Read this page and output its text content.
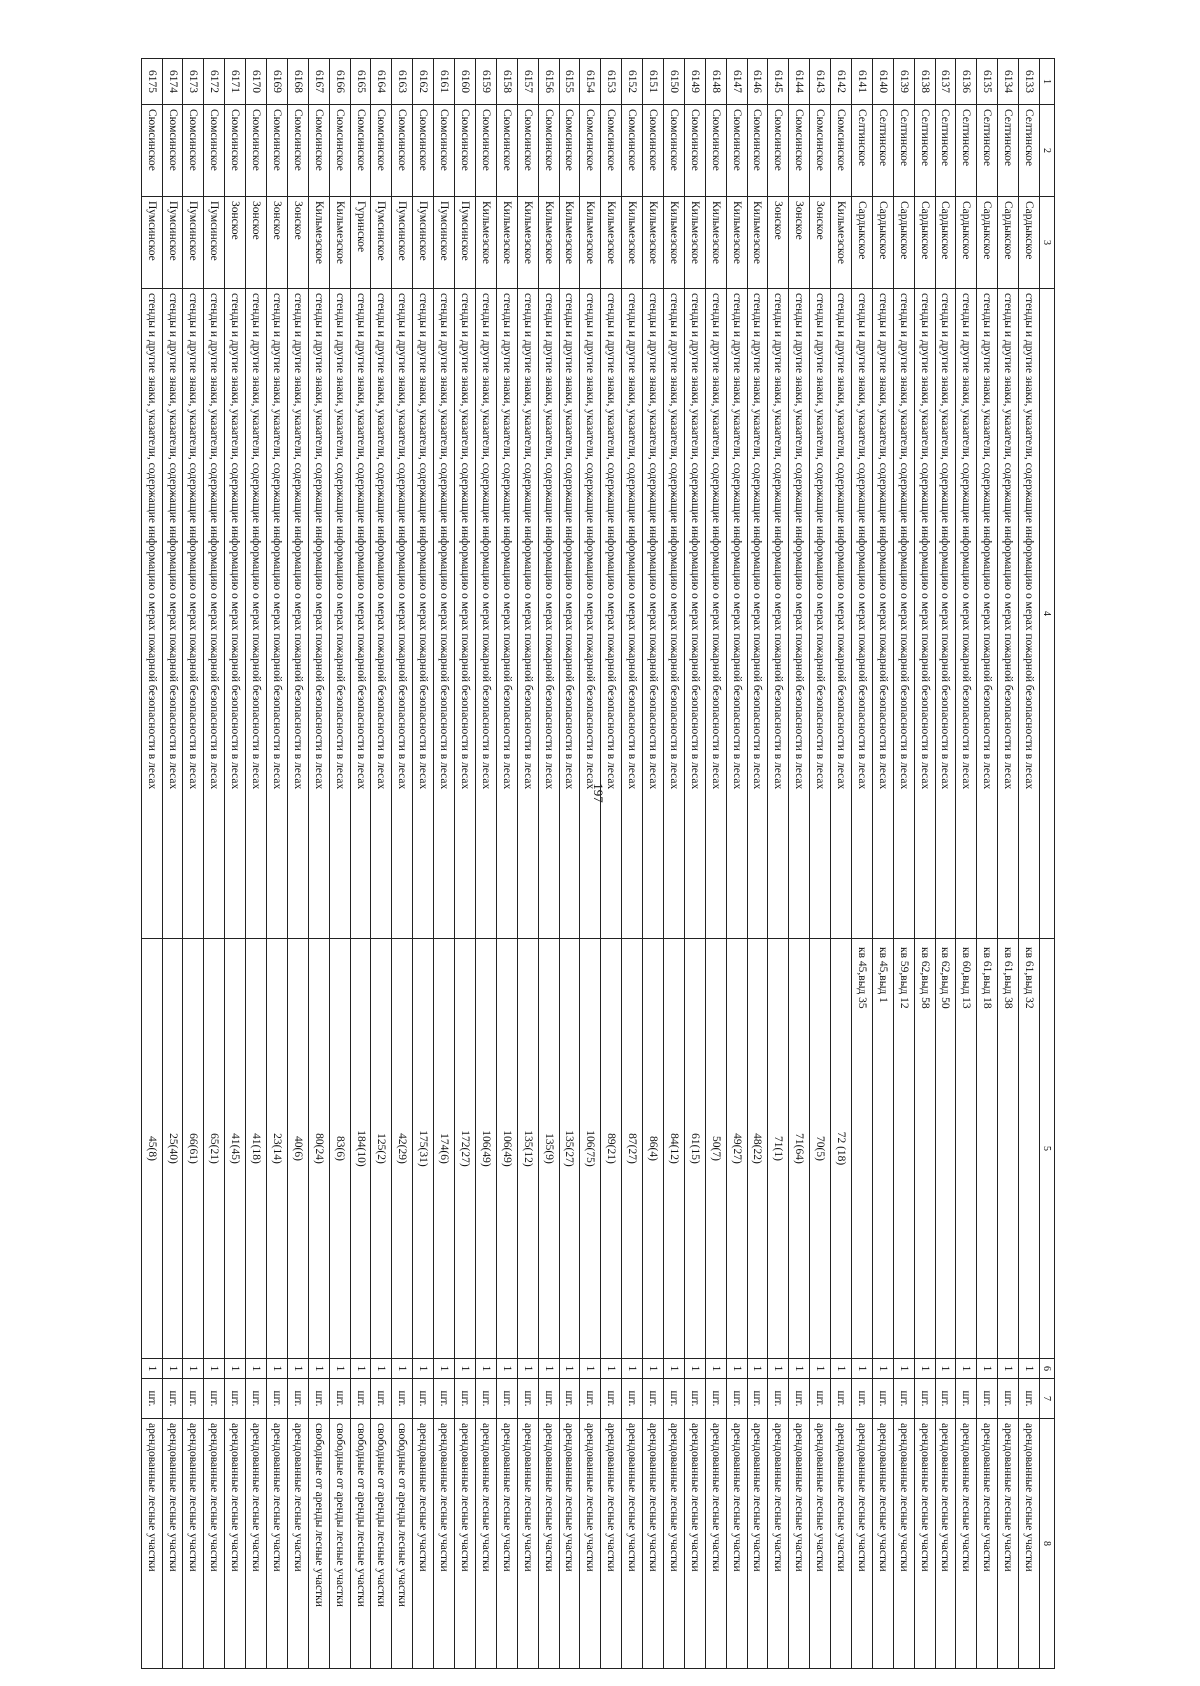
197
1	2	3	4	5	6	7	8
6133	Селтинское	Сардыкское	стенды и другие знаки, указатели, содержащие информацию о мерах пожарной безопасности в лесах	кв 61,выд 32	1	шт.	арендованные лесные участки
6134	Селтинское	Сардыкское	стенды и другие знаки, указатели, содержащие информацию о мерах пожарной безопасности в лесах	кв 61,выд 38	1	шт.	арендованные лесные участки
6135	Селтинское	Сардыкское	стенды и другие знаки, указатели, содержащие информацию о мерах пожарной безопасности в лесах	кв 61,выд 18	1	шт.	арендованные лесные участки
6136	Селтинское	Сардыкское	стенды и другие знаки, указатели, содержащие информацию о мерах пожарной безопасности в лесах	кв 60,выд 13	1	шт.	арендованные лесные участки
6137	Селтинское	Сардыкское	стенды и другие знаки, указатели, содержащие информацию о мерах пожарной безопасности в лесах	кв 62,выд 50	1	шт.	арендованные лесные участки
6138	Селтинское	Сардыкское	стенды и другие знаки, указатели, содержащие информацию о мерах пожарной безопасности в лесах	кв 62,выд 58	1	шт.	арендованные лесные участки
6139	Селтинское	Сардыкское	стенды и другие знаки, указатели, содержащие информацию о мерах пожарной безопасности в лесах	кв 59,выд 12	1	шт.	арендованные лесные участки
6140	Селтинское	Сардыкское	стенды и другие знаки, указатели, содержащие информацию о мерах пожарной безопасности в лесах	кв 45,выд 1	1	шт.	арендованные лесные участки
6141	Селтинское	Сардыкское	стенды и другие знаки, указатели, содержащие информацию о мерах пожарной безопасности в лесах	кв 45,выд 35	1	шт.	арендованные лесные участки
6142	Сюмсинское	Кильмезское	стенды и другие знаки, указатели, содержащие информацию о мерах пожарной безопасности в лесах	72 (18)	1	шт.	арендованные лесные участки
6143	Сюмсинское	Зонское	стенды и другие знаки, указатели, содержащие информацию о мерах пожарной безопасности в лесах	70(5)	1	шт.	арендованные лесные участки
6144	Сюмсинское	Зонское	стенды и другие знаки, указатели, содержащие информацию о мерах пожарной безопасности в лесах	71(64)	1	шт.	арендованные лесные участки
6145	Сюмсинское	Зонское	стенды и другие знаки, указатели, содержащие информацию о мерах пожарной безопасности в лесах	71(1)	1	шт.	арендованные лесные участки
6146	Сюмсинское	Кильмезское	стенды и другие знаки, указатели, содержащие информацию о мерах пожарной безопасности в лесах	48(22)	1	шт.	арендованные лесные участки
6147	Сюмсинское	Кильмезское	стенды и другие знаки, указатели, содержащие информацию о мерах пожарной безопасности в лесах	49(27)	1	шт.	арендованные лесные участки
6148	Сюмсинское	Кильмезское	стенды и другие знаки, указатели, содержащие информацию о мерах пожарной безопасности в лесах	50(7)	1	шт.	арендованные лесные участки
6149	Сюмсинское	Кильмезское	стенды и другие знаки, указатели, содержащие информацию о мерах пожарной безопасности в лесах	61(15)	1	шт.	арендованные лесные участки
6150	Сюмсинское	Кильмезское	стенды и другие знаки, указатели, содержащие информацию о мерах пожарной безопасности в лесах	84(12)	1	шт.	арендованные лесные участки
6151	Сюмсинское	Кильмезское	стенды и другие знаки, указатели, содержащие информацию о мерах пожарной безопасности в лесах	86(4)	1	шт.	арендованные лесные участки
6152	Сюмсинское	Кильмезское	стенды и другие знаки, указатели, содержащие информацию о мерах пожарной безопасности в лесах	87(27)	1	шт.	арендованные лесные участки
6153	Сюмсинское	Кильмезское	стенды и другие знаки, указатели, содержащие информацию о мерах пожарной безопасности в лесах	89(21)	1	шт.	арендованные лесные участки
6154	Сюмсинское	Кильмезское	стенды и другие знаки, указатели, содержащие информацию о мерах пожарной безопасности в лесах	106(75)	1	шт.	арендованные лесные участки
6155	Сюмсинское	Кильмезское	стенды и другие знаки, указатели, содержащие информацию о мерах пожарной безопасности в лесах	135(27)	1	шт.	арендованные лесные участки
6156	Сюмсинское	Кильмезское	стенды и другие знаки, указатели, содержащие информацию о мерах пожарной безопасности в лесах	135(9)	1	шт.	арендованные лесные участки
6157	Сюмсинское	Кильмезское	стенды и другие знаки, указатели, содержащие информацию о мерах пожарной безопасности в лесах	135(12)	1	шт.	арендованные лесные участки
6158	Сюмсинское	Кильмезское	стенды и другие знаки, указатели, содержащие информацию о мерах пожарной безопасности в лесах	106(49)	1	шт.	арендованные лесные участки
6159	Сюмсинское	Кильмезское	стенды и другие знаки, указатели, содержащие информацию о мерах пожарной безопасности в лесах	106(49)	1	шт.	арендованные лесные участки
6160	Сюмсинское	Пумсинское	стенды и другие знаки, указатели, содержащие информацию о мерах пожарной безопасности в лесах	172(27)	1	шт.	арендованные лесные участки
6161	Сюмсинское	Пумсинское	стенды и другие знаки, указатели, содержащие информацию о мерах пожарной безопасности в лесах	174(6)	1	шт.	арендованные лесные участки
6162	Сюмсинское	Пумсинское	стенды и другие знаки, указатели, содержащие информацию о мерах пожарной безопасности в лесах	175(31)	1	шт.	арендованные лесные участки
6163	Сюмсинское	Пумсинское	стенды и другие знаки, указатели, содержащие информацию о мерах пожарной безопасности в лесах	42(29)	1	шт.	свободные от аренды лесные участки
6164	Сюмсинское	Пумсинское	стенды и другие знаки, указатели, содержащие информацию о мерах пожарной безопасности в лесах	125(2)	1	шт.	свободные от аренды лесные участки
6165	Сюмсинское	Гуринское	стенды и другие знаки, указатели, содержащие информацию о мерах пожарной безопасности в лесах	184(10)	1	шт.	свободные от аренды лесные участки
6166	Сюмсинское	Кильмезское	стенды и другие знаки, указатели, содержащие информацию о мерах пожарной безопасности в лесах	83(6)	1	шт.	свободные от аренды лесные участки
6167	Сюмсинское	Кильмезское	стенды и другие знаки, указатели, содержащие информацию о мерах пожарной безопасности в лесах	80(24)	1	шт.	свободные от аренды лесные участки
6168	Сюмсинское	Зонское	стенды и другие знаки, указатели, содержащие информацию о мерах пожарной безопасности в лесах	40(6)	1	шт.	арендованные лесные участки
6169	Сюмсинское	Зонское	стенды и другие знаки, указатели, содержащие информацию о мерах пожарной безопасности в лесах	23(14)	1	шт.	арендованные лесные участки
6170	Сюмсинское	Зонское	стенды и другие знаки, указатели, содержащие информацию о мерах пожарной безопасности в лесах	41(18)	1	шт.	арендованные лесные участки
6171	Сюмсинское	Зонское	стенды и другие знаки, указатели, содержащие информацию о мерах пожарной безопасности в лесах	41(45)	1	шт.	арендованные лесные участки
6172	Сюмсинское	Пумсинское	стенды и другие знаки, указатели, содержащие информацию о мерах пожарной безопасности в лесах	65(21)	1	шт.	арендованные лесные участки
6173	Сюмсинское	Пумсинское	стенды и другие знаки, указатели, содержащие информацию о мерах пожарной безопасности в лесах	66(61)	1	шт.	арендованные лесные участки
6174	Сюмсинское	Пумсинское	стенды и другие знаки, указатели, содержащие информацию о мерах пожарной безопасности в лесах	25(40)	1	шт.	арендованные лесные участки
6175	Сюмсинское	Пумсинское	стенды и другие знаки, указатели, содержащие информацию о мерах пожарной безопасности в лесах	45(8)	1	шт.	арендованные лесные участки
